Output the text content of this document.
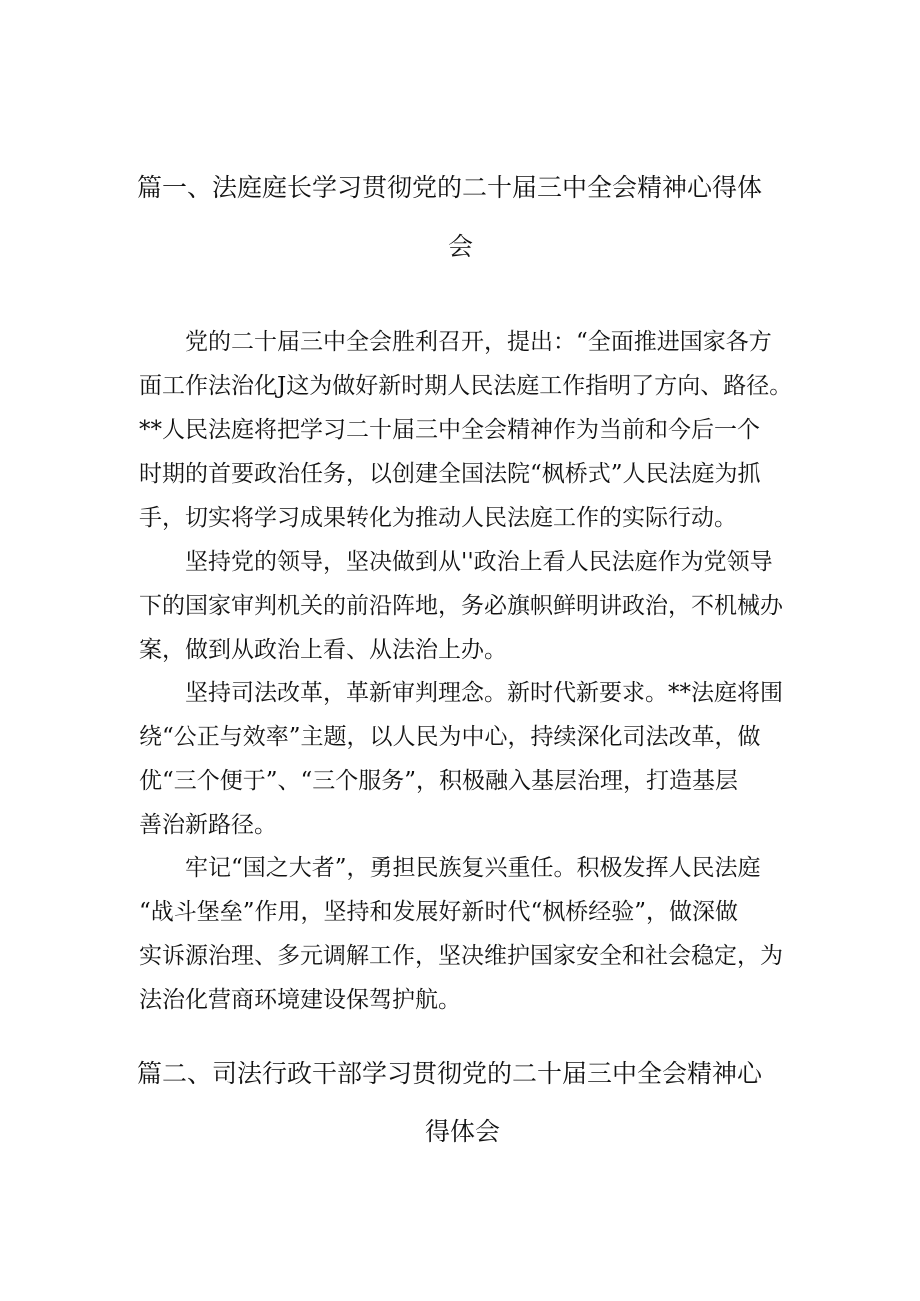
篇一、法庭庭长学习贯彻党的二十届三中全会精神心得体
会
党的二十届三中全会胜利召开，提出：“全面推进国家各方
面工作法治化J这为做好新时期人民法庭工作指明了方向、路径。
**人民法庭将把学习二十届三中全会精神作为当前和今后一个
时期的首要政治任务，以创建全国法院“枫桥式”人民法庭为抓
手，切实将学习成果转化为推动人民法庭工作的实际行动。
坚持党的领导，坚决做到从''政治上看人民法庭作为党领导
下的国家审判机关的前沿阵地，务必旗帜鲜明讲政治，不机械办
案，做到从政治上看、从法治上办。
坚持司法改革，革新审判理念。新时代新要求。**法庭将围
绕“公正与效率”主题，以人民为中心，持续深化司法改革，做
优“三个便于”、“三个服务”，积极融入基层治理，打造基层
善治新路径。
牢记“国之大者”，勇担民族复兴重任。积极发挥人民法庭
“战斗堡垒”作用，坚持和发展好新时代“枫桥经验”，做深做
实诉源治理、多元调解工作，坚决维护国家安全和社会稳定，为
法治化营商环境建设保驾护航。
篇二、司法行政干部学习贯彻党的二十届三中全会精神心
得体会
